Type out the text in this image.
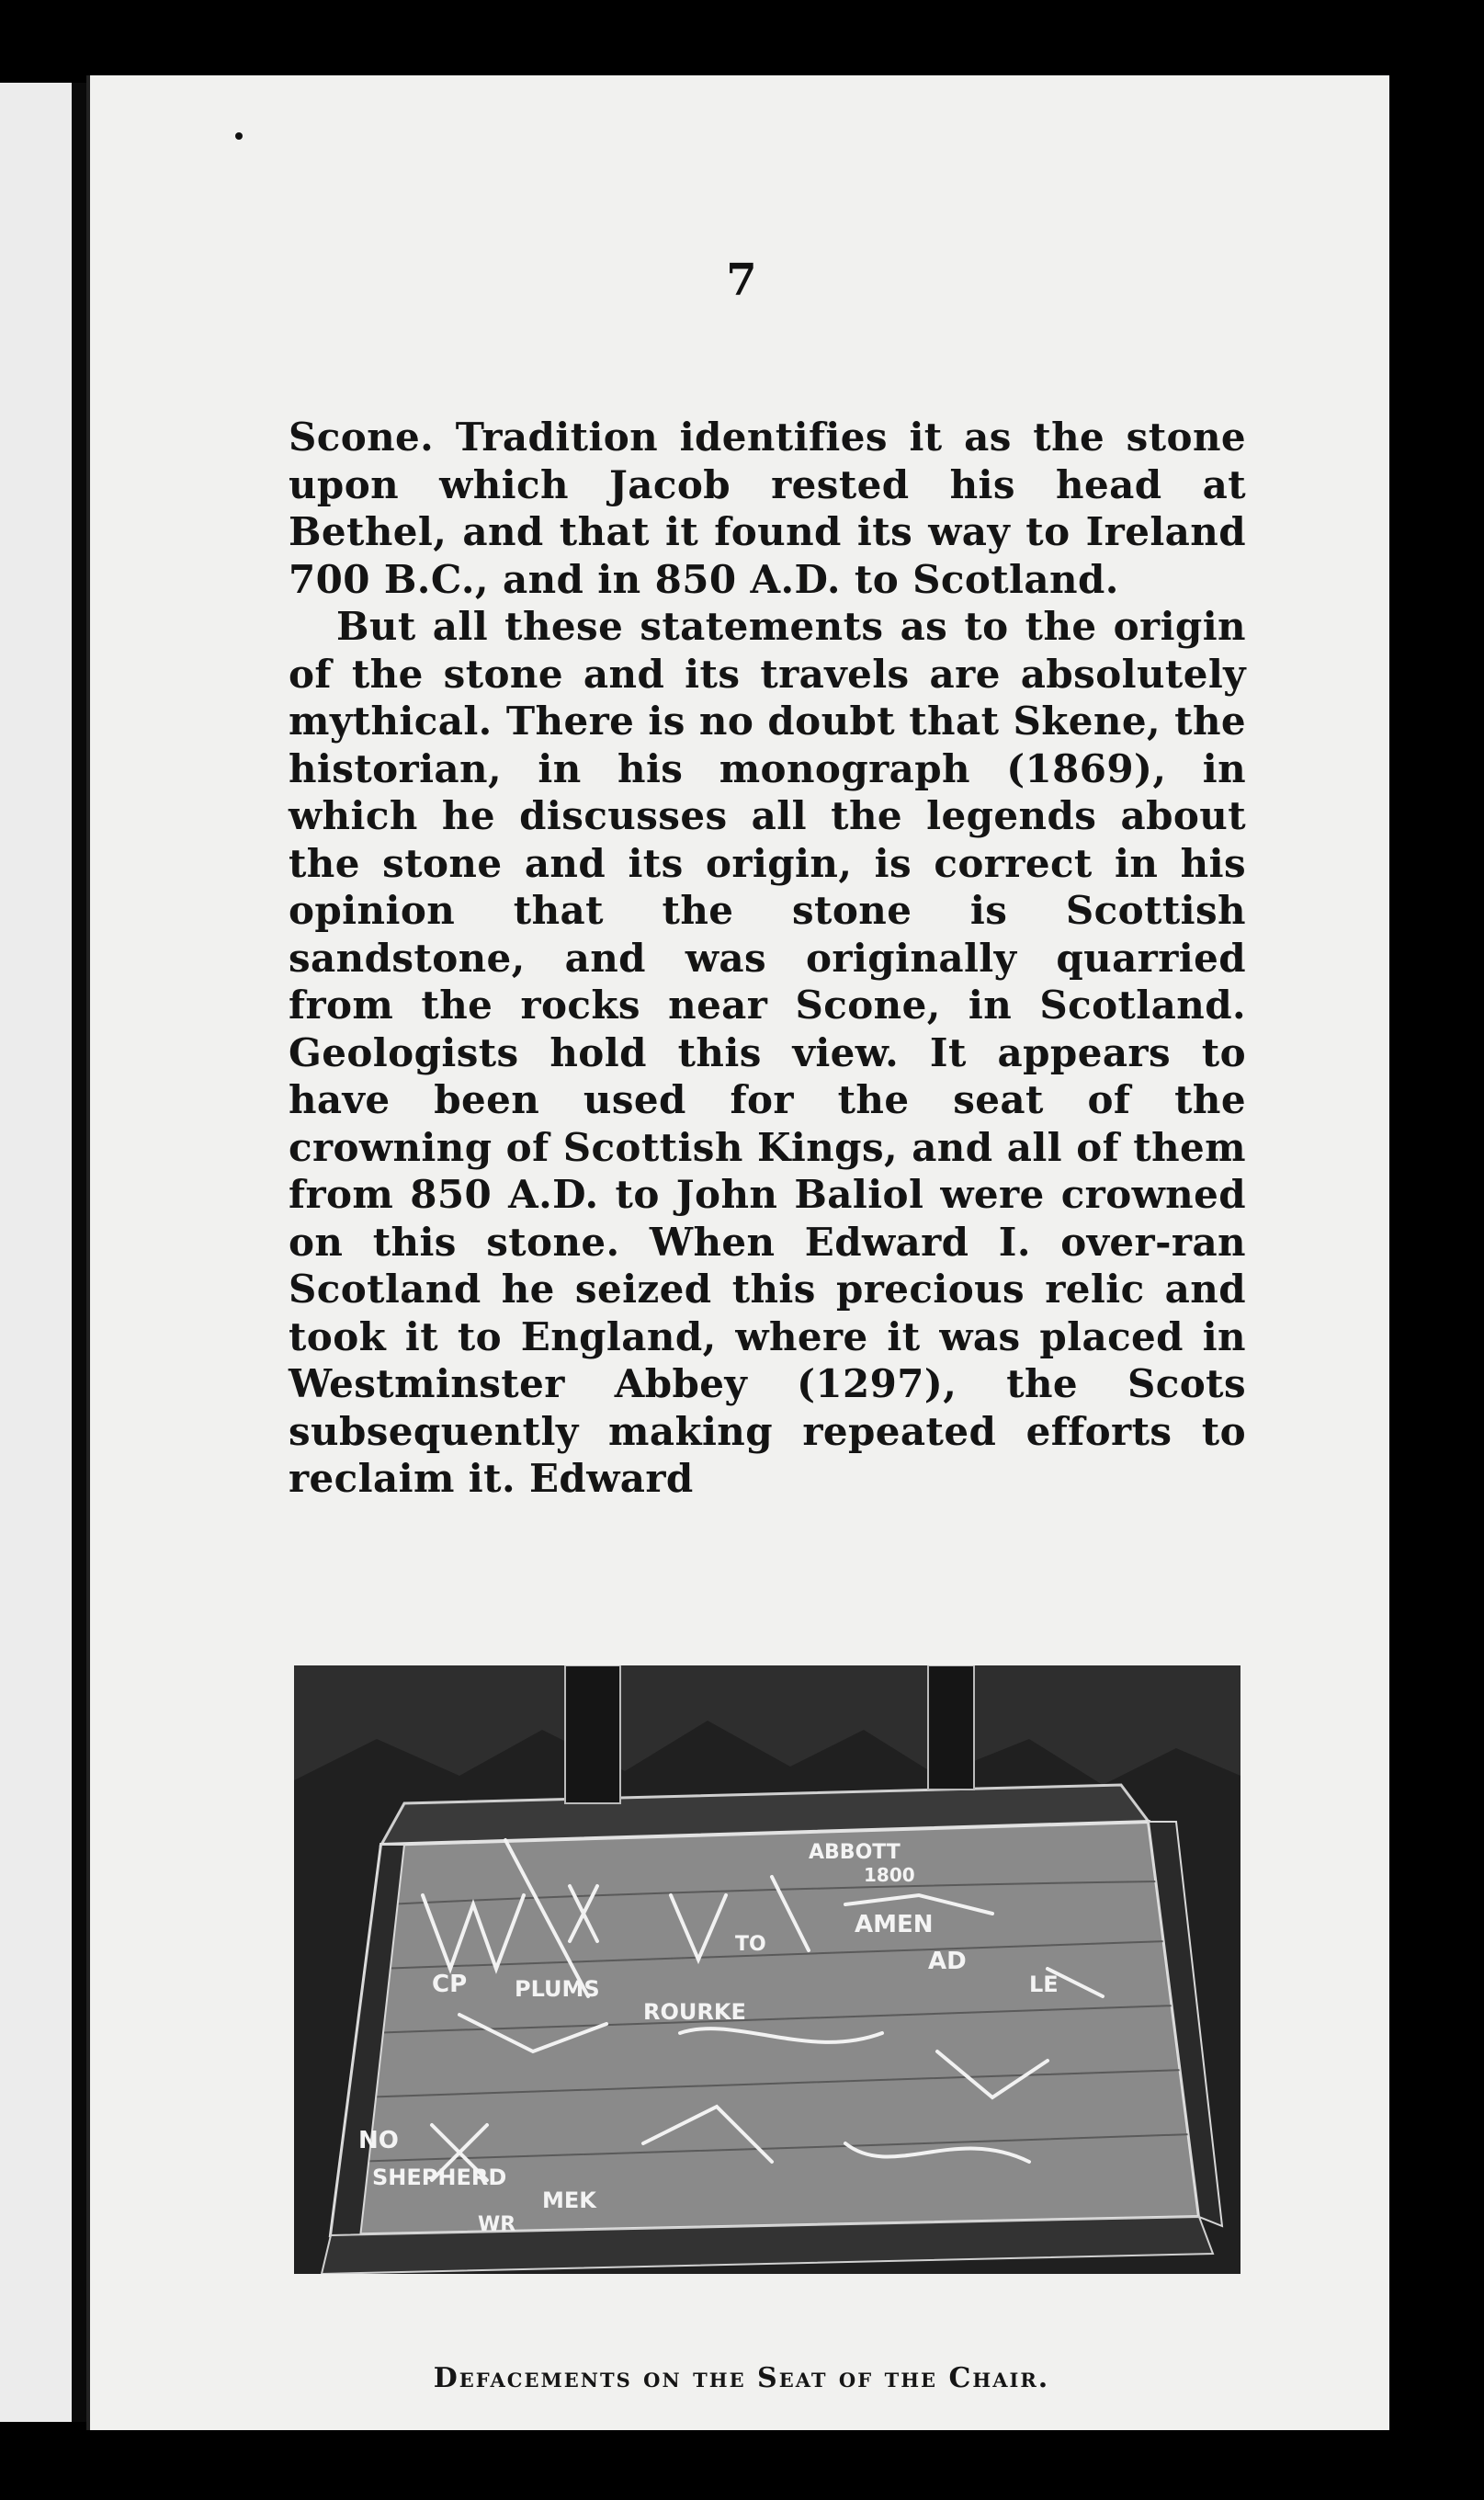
7

Scone. Tradition identifies it as the stone upon which Jacob rested his head at Bethel, and that it found its way to Ireland 700 B.C., and in 850 A.D. to Scotland.

But all these statements as to the origin of the stone and its travels are absolutely mythical. There is no doubt that Skene, the historian, in his monograph (1869), in which he discusses all the legends about the stone and its origin, is correct in his opinion that the stone is Scottish sandstone, and was originally quarried from the rocks near Scone, in Scotland. Geologists hold this view. It appears to have been used for the seat of the crowning of Scottish Kings, and all of them from 850 A.D. to John Baliol were crowned on this stone. When Edward I. over-ran Scotland he seized this precious relic and took it to England, where it was placed in Westminster Abbey (1297), the Scots subsequently making repeated efforts to reclaim it. Edward

ABBOTT
1800
CP PLUMS
AMEN
AD
LE
ROURKE
NO
SHEPHERD
MEK
WR
TO
Defacements on the Seat of the Chair.
